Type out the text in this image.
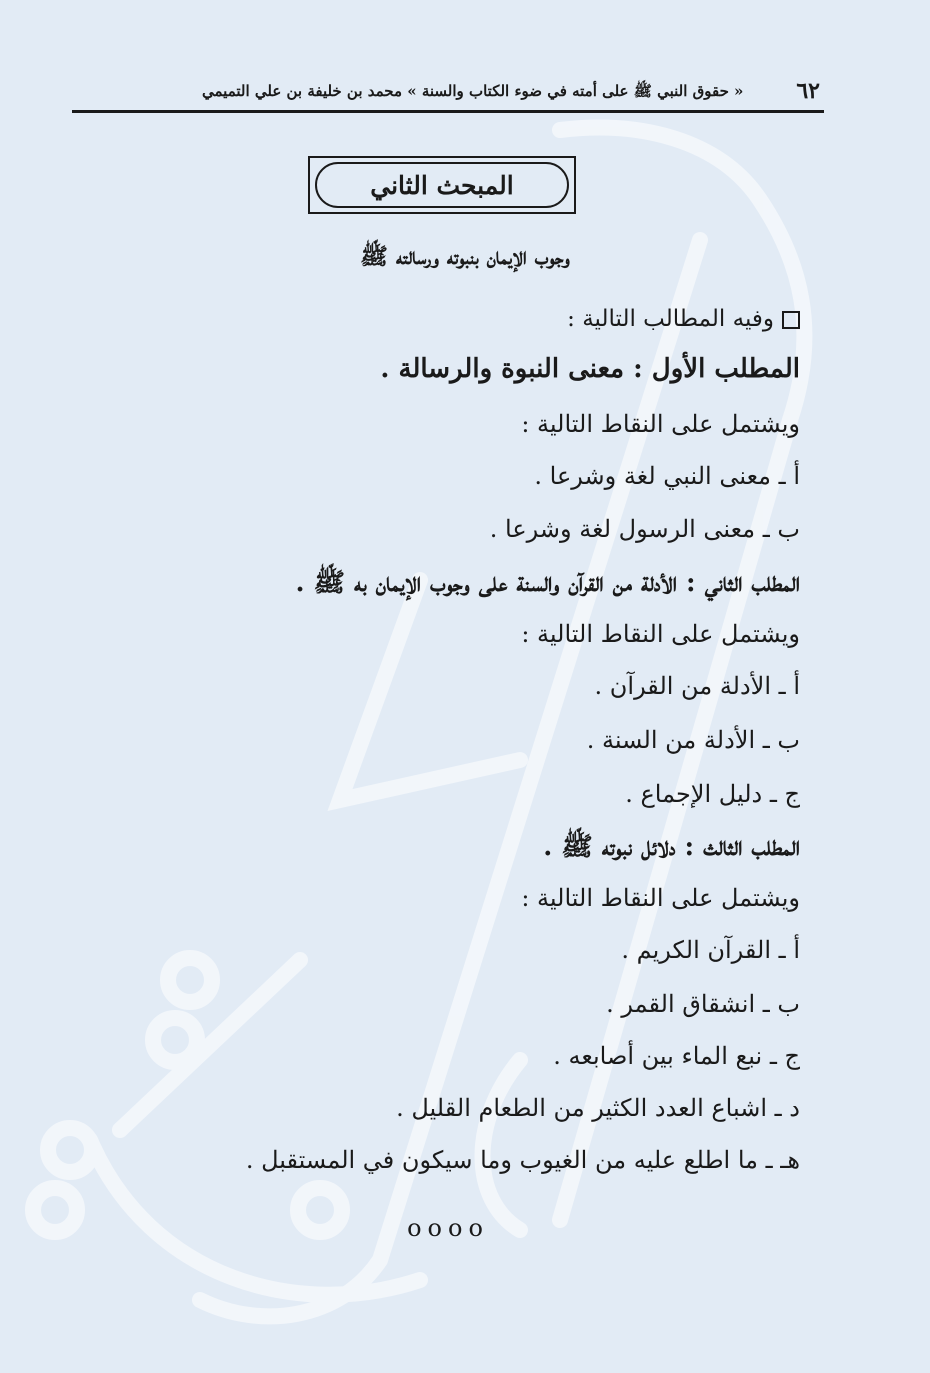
٦٢
« حقوق النبي ﷺ على أمته في ضوء الكتاب والسنة » محمد بن خليفة بن علي التميمي
المبحث الثاني
وجوب الإيمان بنبوته ورسالته ﷺ
وفيه المطالب التالية :
المطلب الأول : معنى النبوة والرسالة .
ويشتمل على النقاط التالية :
أ ـ معنى النبي لغة وشرعا .
ب ـ معنى الرسول لغة وشرعا .
المطلب الثاني : الأدلة من القرآن والسنة على وجوب الإيمان به ﷺ .
ويشتمل على النقاط التالية :
أ ـ الأدلة من القرآن .
ب ـ الأدلة من السنة .
ج ـ دليل الإجماع .
المطلب الثالث : دلائل نبوته ﷺ .
ويشتمل على النقاط التالية :
أ ـ القرآن الكريم .
ب ـ انشقاق القمر .
ج ـ نبع الماء بين أصابعه .
د ـ اشباع العدد الكثير من الطعام القليل .
هـ ـ ما اطلع عليه من الغيوب وما سيكون في المستقبل .
oooo
